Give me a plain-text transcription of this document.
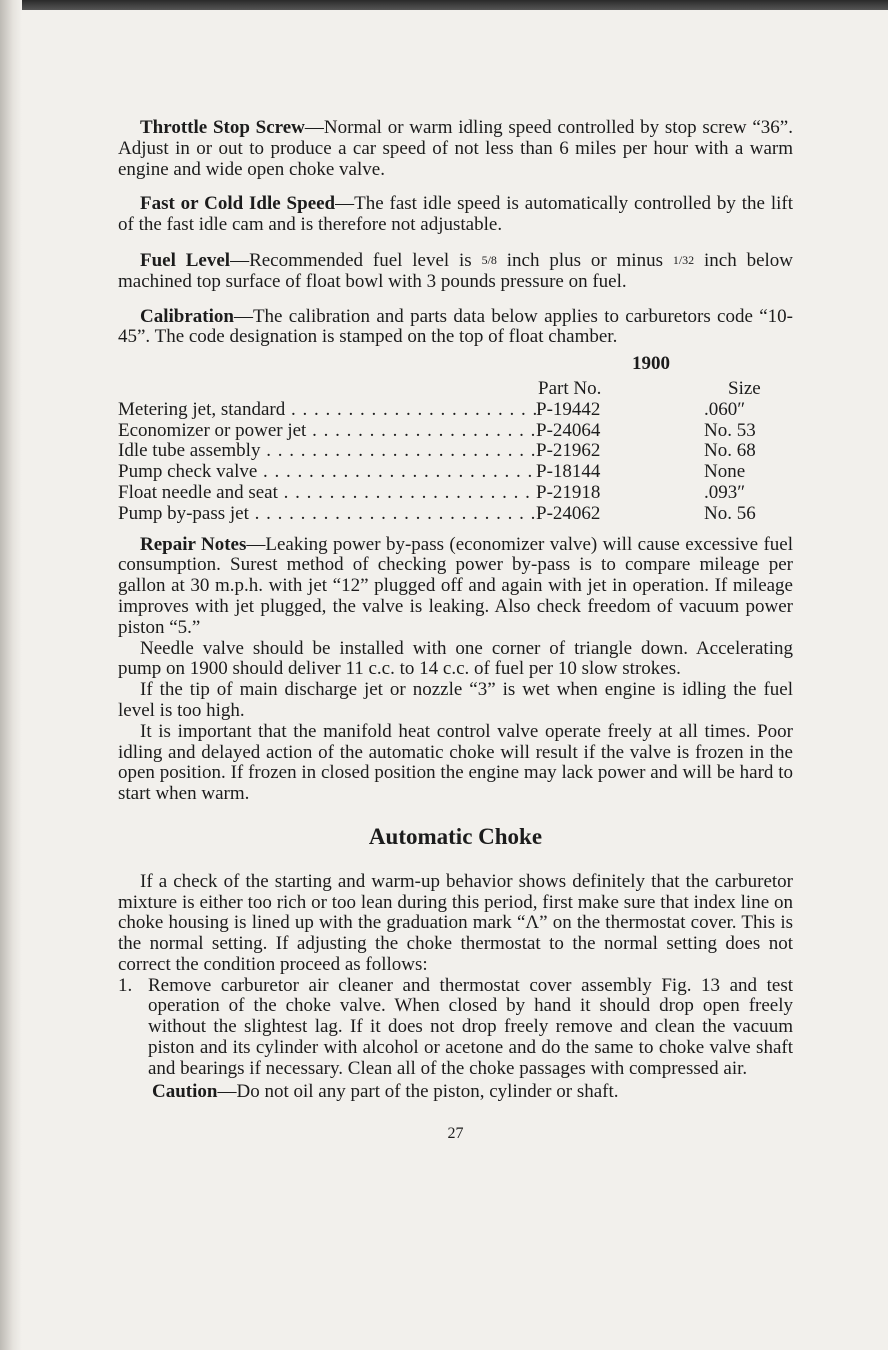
Throttle Stop Screw—Normal or warm idling speed controlled by stop screw “36”. Adjust in or out to produce a car speed of not less than 6 miles per hour with a warm engine and wide open choke valve.

Fast or Cold Idle Speed—The fast idle speed is automatically controlled by the lift of the fast idle cam and is therefore not adjustable.

Fuel Level—Recommended fuel level is 5/8 inch plus or minus 1/32 inch below machined top surface of float bowl with 3 pounds pressure on fuel.

Calibration—The calibration and parts data below applies to carburetors code “10-45”. The code designation is stamped on the top of float chamber.

1900
	Part No.	Size
Metering jet, standard . . .	P-19442	.060″
Economizer or power jet . . .	P-24064	No. 53
Idle tube assembly . . .	P-21962	No. 68
Pump check valve . . .	P-18144	None
Float needle and seat . . .	P-21918	.093″
Pump by-pass jet . . .	P-24062	No. 56

Repair Notes—Leaking power by-pass (economizer valve) will cause excessive fuel consumption. Surest method of checking power by-pass is to compare mileage per gallon at 30 m.p.h. with jet “12” plugged off and again with jet in operation. If mileage improves with jet plugged, the valve is leaking. Also check freedom of vacuum power piston “5.”

Needle valve should be installed with one corner of triangle down. Accelerating pump on 1900 should deliver 11 c.c. to 14 c.c. of fuel per 10 slow strokes.

If the tip of main discharge jet or nozzle “3” is wet when engine is idling the fuel level is too high.

It is important that the manifold heat control valve operate freely at all times. Poor idling and delayed action of the automatic choke will result if the valve is frozen in the open position. If frozen in closed position the engine may lack power and will be hard to start when warm.

Automatic Choke

If a check of the starting and warm-up behavior shows definitely that the carburetor mixture is either too rich or too lean during this period, first make sure that index line on choke housing is lined up with the graduation mark “Λ” on the thermostat cover. This is the normal setting. If adjusting the choke thermostat to the normal setting does not correct the condition proceed as follows:

1. Remove carburetor air cleaner and thermostat cover assembly Fig. 13 and test operation of the choke valve. When closed by hand it should drop open freely without the slightest lag. If it does not drop freely remove and clean the vacuum piston and its cylinder with alcohol or acetone and do the same to choke valve shaft and bearings if necessary. Clean all of the choke passages with compressed air.
Caution—Do not oil any part of the piston, cylinder or shaft.
27
